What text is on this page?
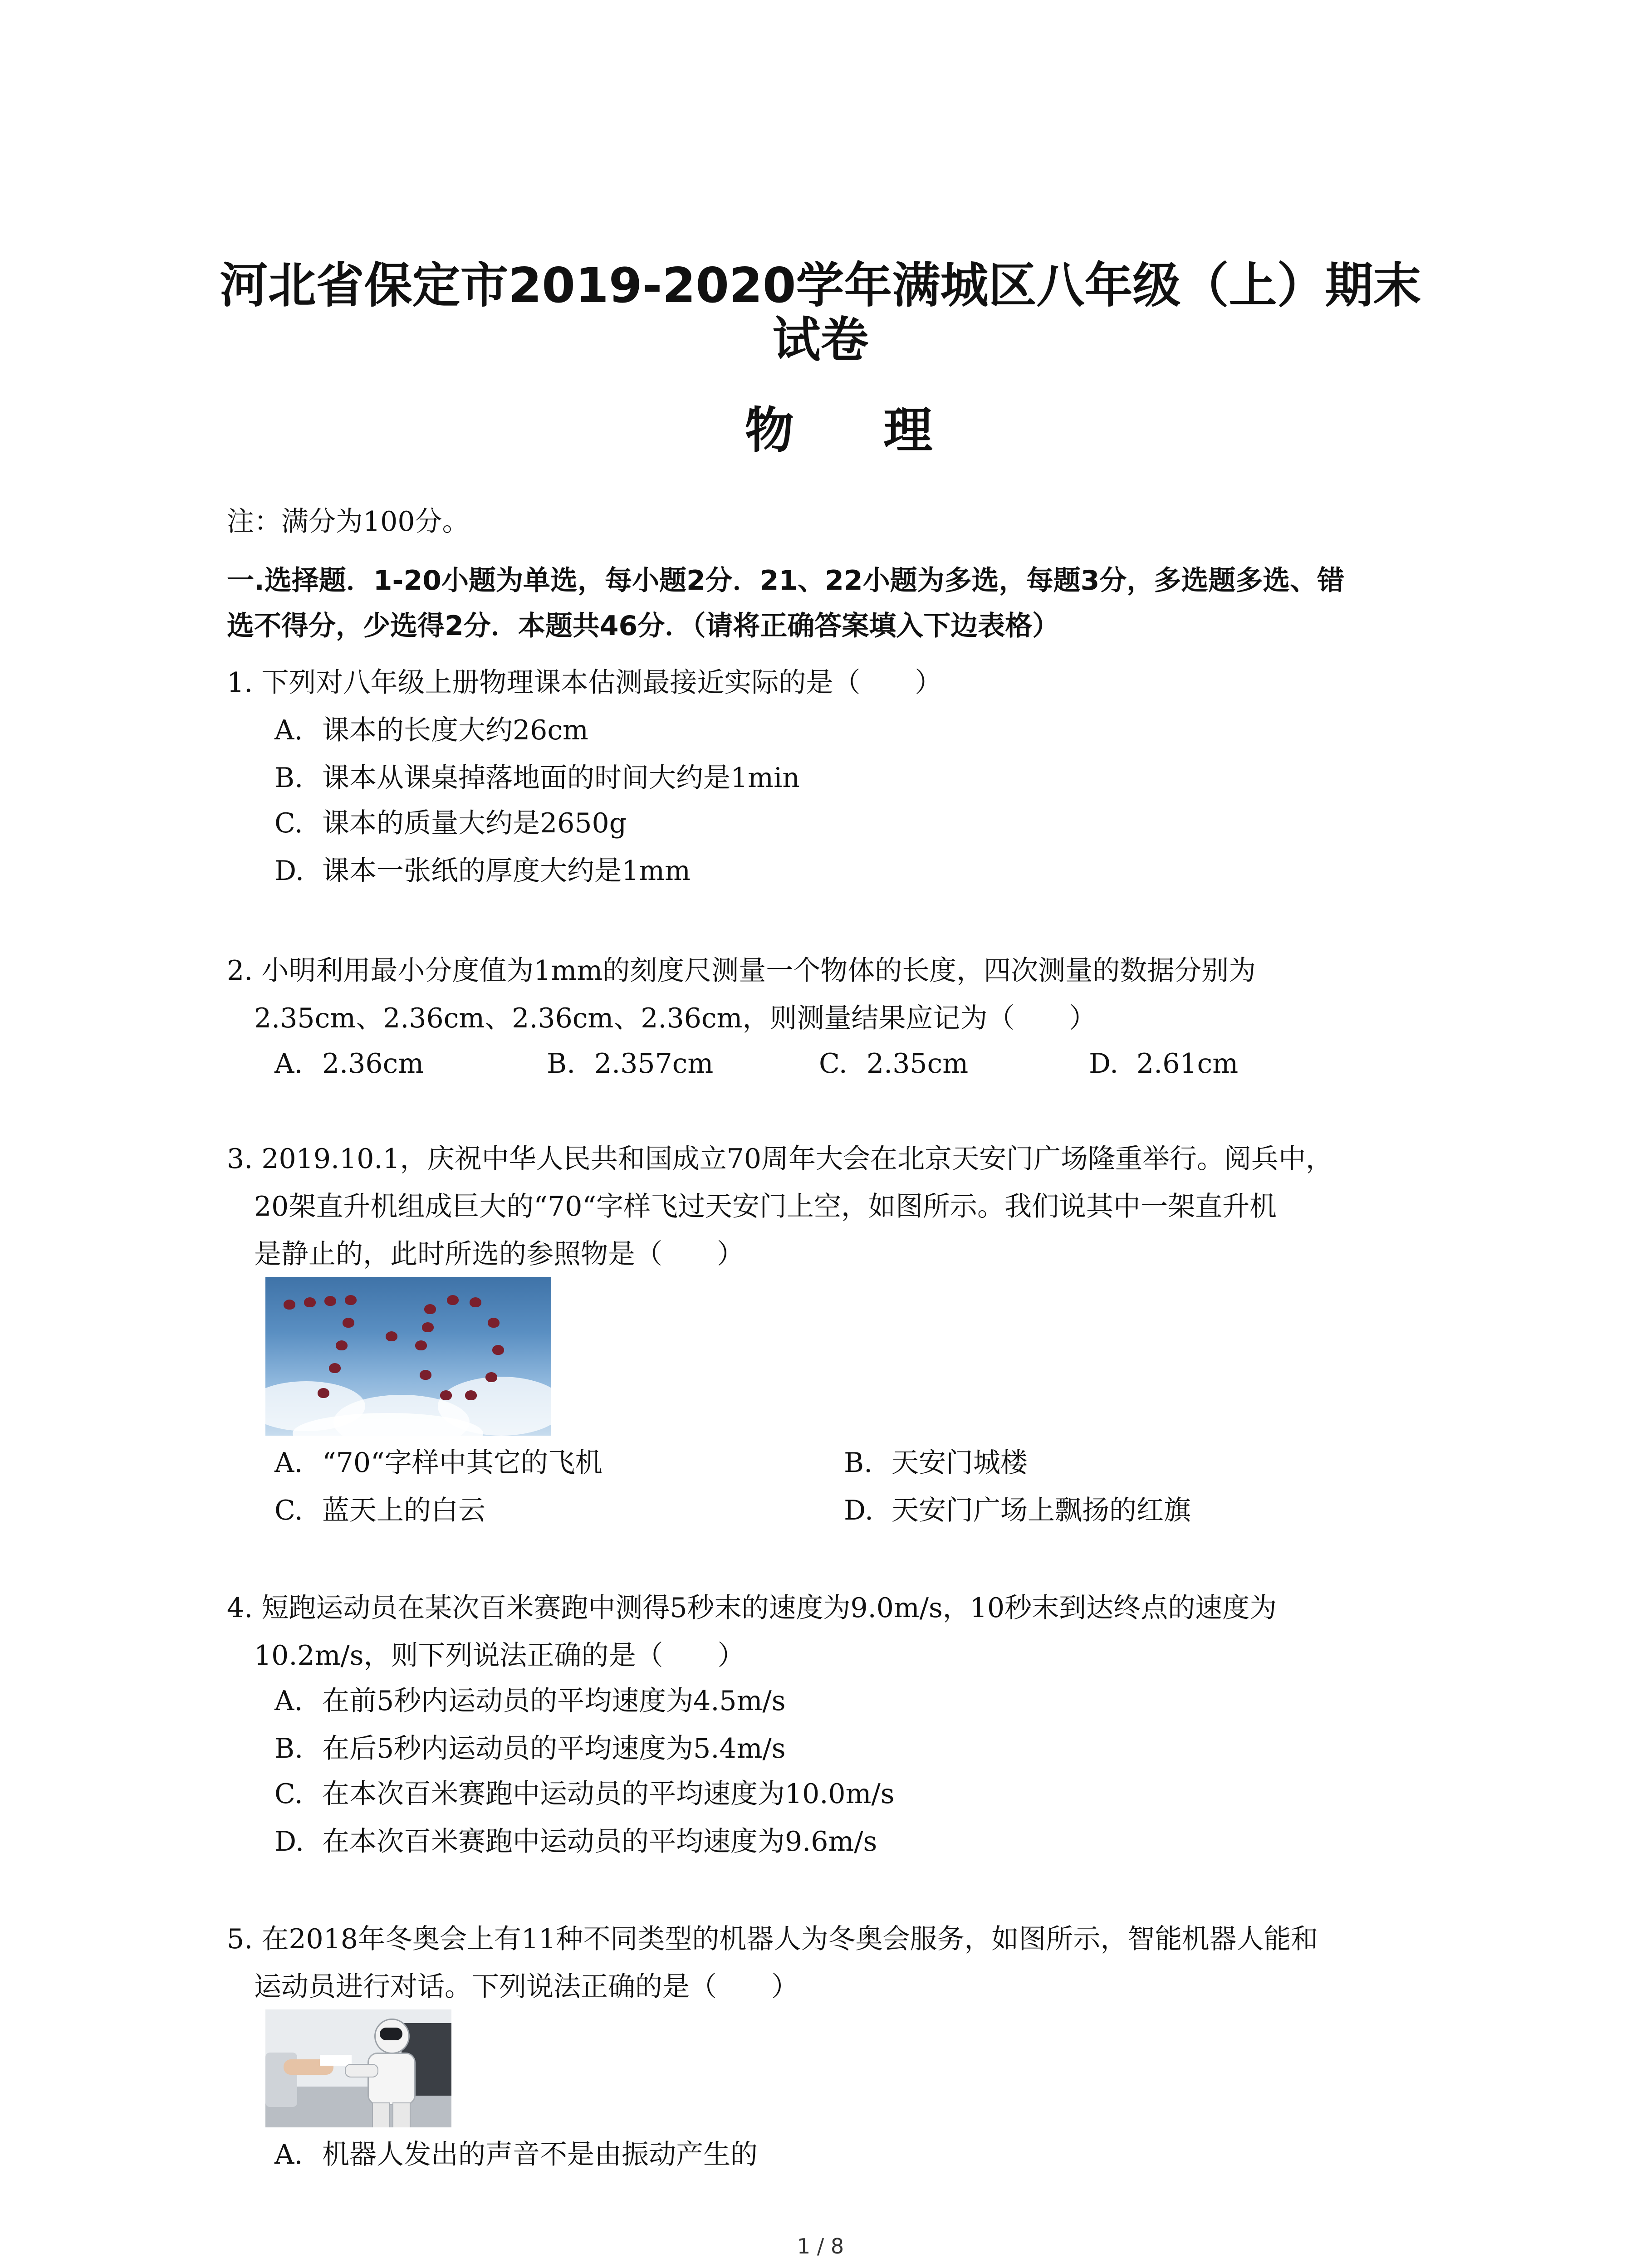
河北省保定市2019-2020学年满城区八年级（上）期末
试卷
物 理
注：满分为100分。
一.选择题．1-20小题为单选，每小题2分．21、22小题为多选，每题3分，多选题多选、错
选不得分，少选得2分．本题共46分．（请将正确答案填入下边表格）
1. 下列对八年级上册物理课本估测最接近实际的是（　　）
A. 课本的长度大约26cm
B. 课本从课桌掉落地面的时间大约是1min
C. 课本的质量大约是2650g
D. 课本一张纸的厚度大约是1mm
2. 小明利用最小分度值为1mm的刻度尺测量一个物体的长度，四次测量的数据分别为
2.35cm、2.36cm、2.36cm、2.36cm，则测量结果应记为（　　）
A. 2.36cm	B. 2.357cm	C. 2.35cm	D. 2.61cm
3. 2019.10.1，庆祝中华人民共和国成立70周年大会在北京天安门广场隆重举行。阅兵中，
20架直升机组成巨大的“70“字样飞过天安门上空，如图所示。我们说其中一架直升机
是静止的，此时所选的参照物是（　　）
A. “70“字样中其它的飞机	B. 天安门城楼
C. 蓝天上的白云	D. 天安门广场上飘扬的红旗
4. 短跑运动员在某次百米赛跑中测得5秒末的速度为9.0m/s，10秒末到达终点的速度为
10.2m/s，则下列说法正确的是（　　）
A. 在前5秒内运动员的平均速度为4.5m/s
B. 在后5秒内运动员的平均速度为5.4m/s
C. 在本次百米赛跑中运动员的平均速度为10.0m/s
D. 在本次百米赛跑中运动员的平均速度为9.6m/s
5. 在2018年冬奥会上有11种不同类型的机器人为冬奥会服务，如图所示，智能机器人能和
运动员进行对话。下列说法正确的是（　　）
A. 机器人发出的声音不是由振动产生的
1 / 8
